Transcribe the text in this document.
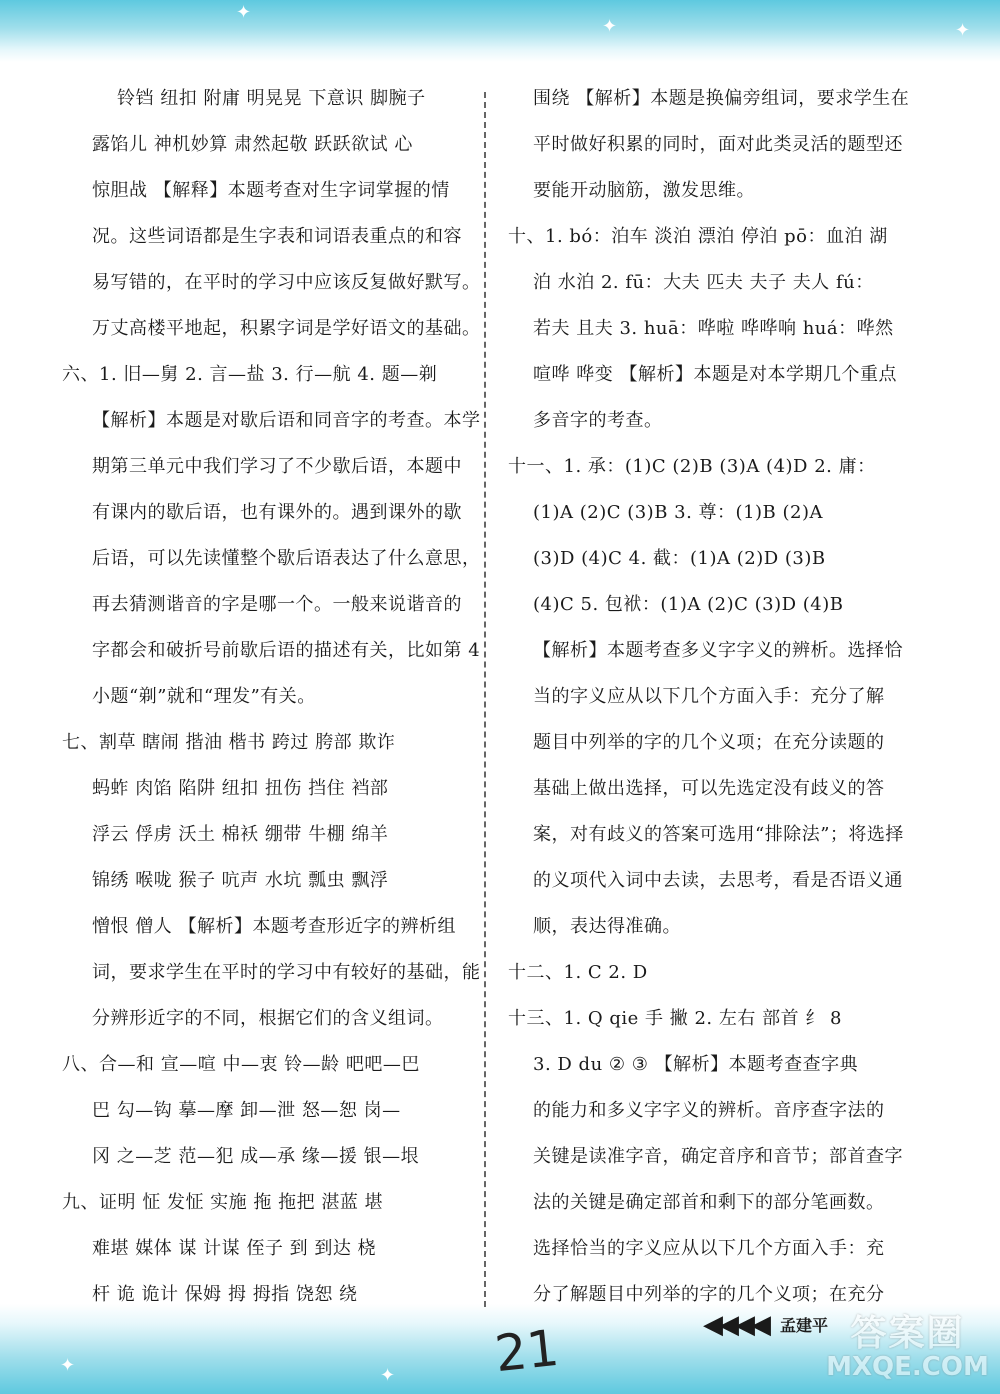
✦
✦	✦
✦	✦
铃铛 纽扣 附庸 明晃晃 下意识 脚腕子
露馅儿 神机妙算 肃然起敬 跃跃欲试 心
惊胆战 【解释】本题考查对生字词掌握的情
况。这些词语都是生字表和词语表重点的和容
易写错的，在平时的学习中应该反复做好默写。
万丈高楼平地起，积累字词是学好语文的基础。
六、1. 旧—舅 2. 言—盐 3. 行—航 4. 题—剃
【解析】本题是对歇后语和同音字的考查。本学
期第三单元中我们学习了不少歇后语，本题中
有课内的歇后语，也有课外的。遇到课外的歇
后语，可以先读懂整个歇后语表达了什么意思，
再去猜测谐音的字是哪一个。一般来说谐音的
字都会和破折号前歇后语的描述有关，比如第 4
小题“剃”就和“理发”有关。
七、割草 瞎闹 揩油 楷书 跨过 胯部 欺诈
蚂蚱 肉馅 陷阱 纽扣 扭伤 挡住 裆部
浮云 俘虏 沃土 棉袄 绷带 牛棚 绵羊
锦绣 喉咙 猴子 吭声 水坑 瓢虫 飘浮
憎恨 僧人 【解析】本题考查形近字的辨析组
词，要求学生在平时的学习中有较好的基础，能
分辨形近字的不同，根据它们的含义组词。
八、合—和 宣—喧 中—衷 铃—龄 吧吧—巴
巴 勾—钩 摹—摩 卸—泄 怒—恕 岗—
冈 之—芝 范—犯 成—承 缘—援 银—垠
九、证明 怔 发怔 实施 拖 拖把 湛蓝 堪
难堪 媒体 谋 计谋 侄子 到 到达 桡
杆 诡 诡计 保姆 拇 拇指 饶恕 绕
围绕 【解析】本题是换偏旁组词，要求学生在
平时做好积累的同时，面对此类灵活的题型还
要能开动脑筋，激发思维。
十、1. bó：泊车 淡泊 漂泊 停泊 pō：血泊 湖
泊 水泊 2. fū：大夫 匹夫 夫子 夫人 fú：
若夫 且夫 3. huā：哗啦 哗哗响 huá：哗然
喧哗 哗变 【解析】本题是对本学期几个重点
多音字的考查。
十一、1. 承：(1)C (2)B (3)A (4)D 2. 庸：
(1)A (2)C (3)B 3. 尊：(1)B (2)A
(3)D (4)C 4. 截：(1)A (2)D (3)B
(4)C 5. 包袱：(1)A (2)C (3)D (4)B
【解析】本题考查多义字字义的辨析。选择恰
当的字义应从以下几个方面入手：充分了解
题目中列举的字的几个义项；在充分读题的
基础上做出选择，可以先选定没有歧义的答
案，对有歧义的答案可选用“排除法”；将选择
的义项代入词中去读，去思考，看是否语义通
顺，表达得准确。
十二、1. C 2. D
十三、1. Q qie 手 撇 2. 左右 部首 纟 8
3. D du ② ③ 【解析】本题考查查字典
的能力和多义字字义的辨析。音序查字法的
关键是读准字音，确定音序和音节；部首查字
法的关键是确定部首和剩下的部分笔画数。
选择恰当的字义应从以下几个方面入手：充
分了解题目中列举的字的几个义项；在充分
21	◀◀◀◀ 孟建平 答案圈
MXQE.COM
